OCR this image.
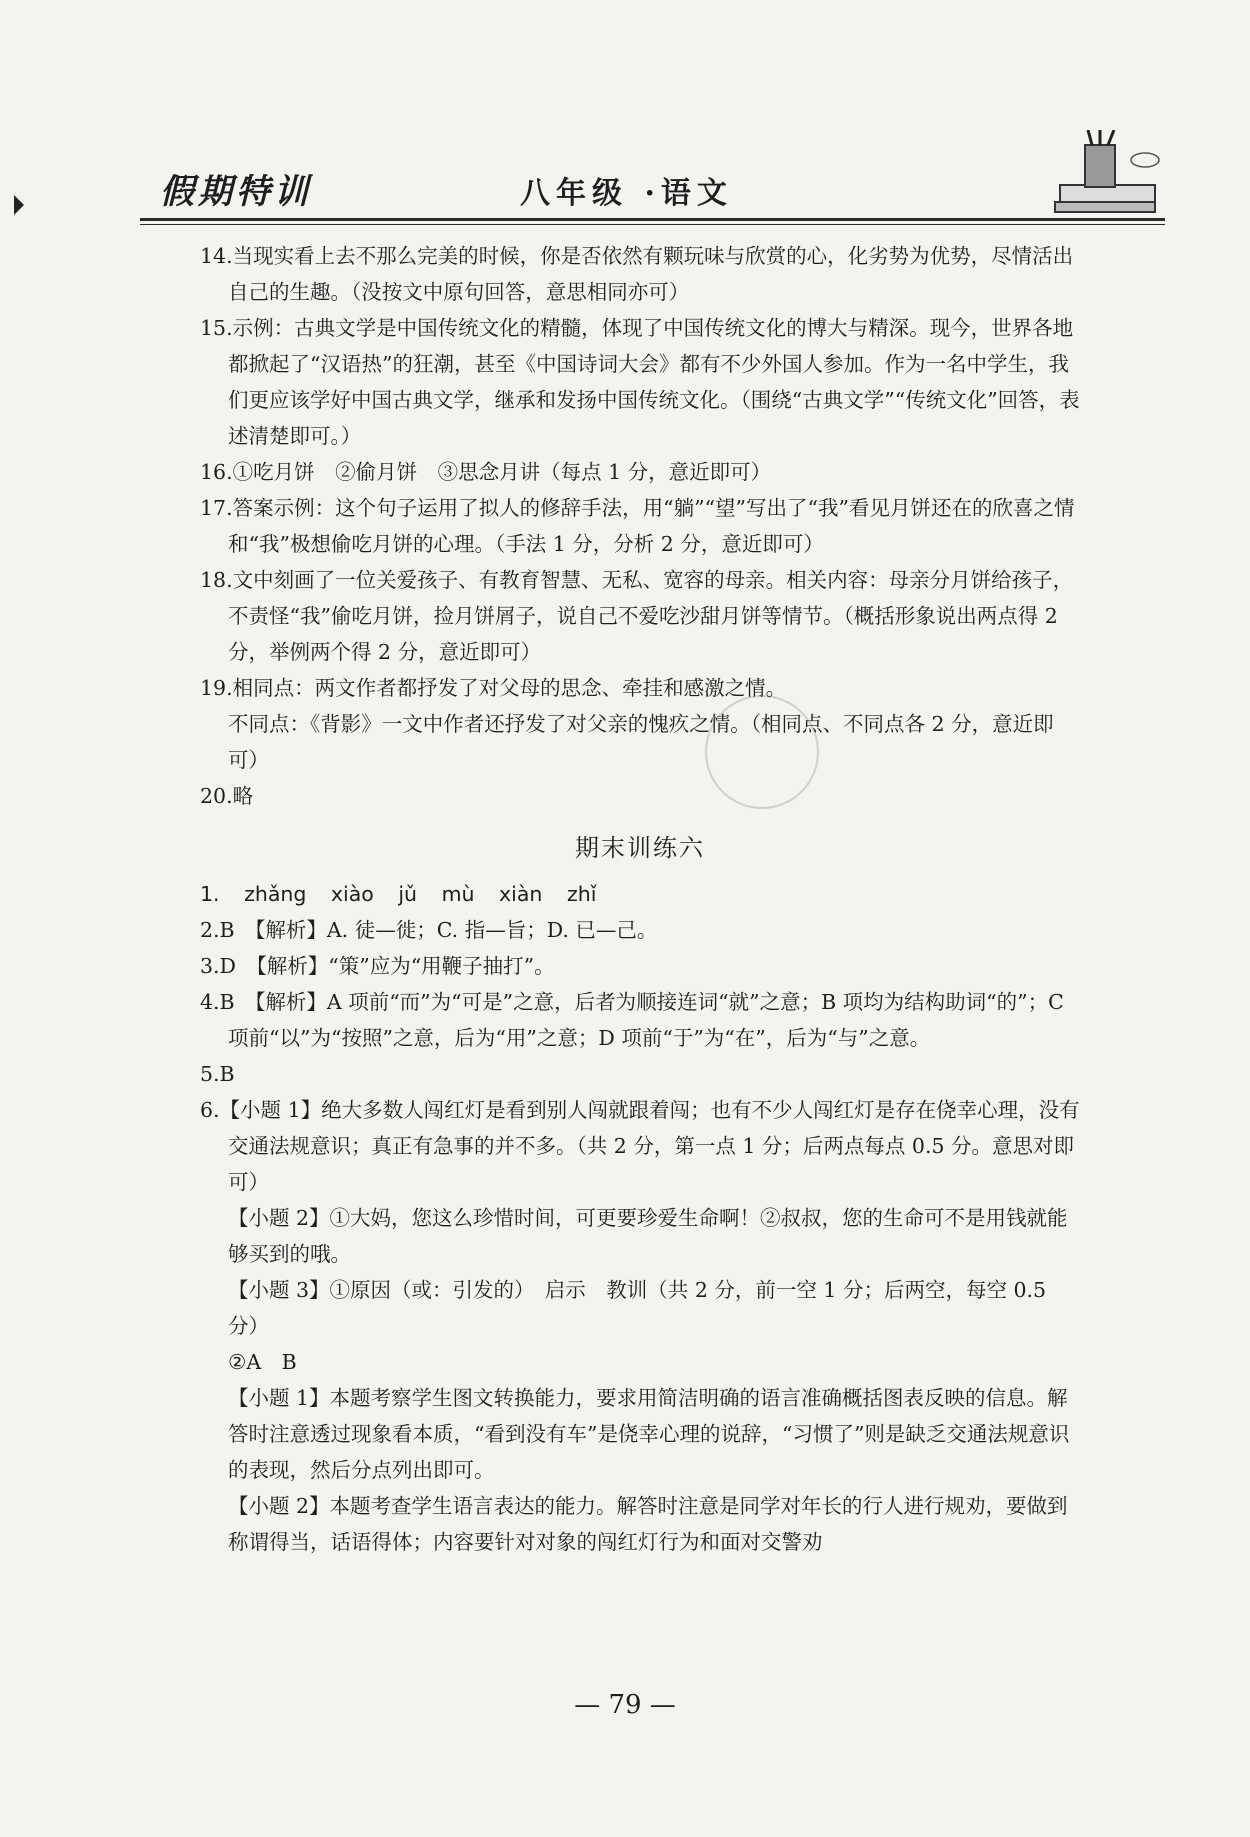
假期特训	八年级 ·语文
14.当现实看上去不那么完美的时候，你是否依然有颗玩味与欣赏的心，化劣势为优势，尽情活出自己的生趣。（没按文中原句回答，意思相同亦可）
15.示例：古典文学是中国传统文化的精髓，体现了中国传统文化的博大与精深。现今，世界各地都掀起了“汉语热”的狂潮，甚至《中国诗词大会》都有不少外国人参加。作为一名中学生，我们更应该学好中国古典文学，继承和发扬中国传统文化。（围绕“古典文学”“传统文化”回答，表述清楚即可。）
16.①吃月饼　②偷月饼　③思念月讲（每点 1 分，意近即可）
17.答案示例：这个句子运用了拟人的修辞手法，用“躺”“望”写出了“我”看见月饼还在的欣喜之情和“我”极想偷吃月饼的心理。（手法 1 分，分析 2 分，意近即可）
18.文中刻画了一位关爱孩子、有教育智慧、无私、宽容的母亲。相关内容：母亲分月饼给孩子，不责怪“我”偷吃月饼，捡月饼屑子，说自己不爱吃沙甜月饼等情节。（概括形象说出两点得 2 分，举例两个得 2 分，意近即可）
19.相同点：两文作者都抒发了对父母的思念、牵挂和感激之情。
不同点：《背影》一文中作者还抒发了对父亲的愧疚之情。（相同点、不同点各 2 分，意近即可）
20.略
期末训练六
1. zhǎng xiào jǔ mù xiàn zhǐ
2.B　【解析】A. 徒—徙；C. 指—旨；D. 已—己。
3.D　【解析】“策”应为“用鞭子抽打”。
4.B　【解析】A 项前“而”为“可是”之意，后者为顺接连词“就”之意；B 项均为结构助词“的”；C 项前“以”为“按照”之意，后为“用”之意；D 项前“于”为“在”，后为“与”之意。
5.B
6.【小题 1】绝大多数人闯红灯是看到别人闯就跟着闯；也有不少人闯红灯是存在侥幸心理，没有交通法规意识；真正有急事的并不多。（共 2 分，第一点 1 分；后两点每点 0.5 分。意思对即可）
【小题 2】①大妈，您这么珍惜时间，可更要珍爱生命啊！②叔叔，您的生命可不是用钱就能够买到的哦。
【小题 3】①原因（或：引发的）　启示　教训（共 2 分，前一空 1 分；后两空，每空 0.5 分）
②A　B
【小题 1】本题考察学生图文转换能力，要求用简洁明确的语言准确概括图表反映的信息。解答时注意透过现象看本质，“看到没有车”是侥幸心理的说辞，“习惯了”则是缺乏交通法规意识的表现，然后分点列出即可。
【小题 2】本题考查学生语言表达的能力。解答时注意是同学对年长的行人进行规劝，要做到称谓得当，话语得体；内容要针对对象的闯红灯行为和面对交警劝
— 79 —
